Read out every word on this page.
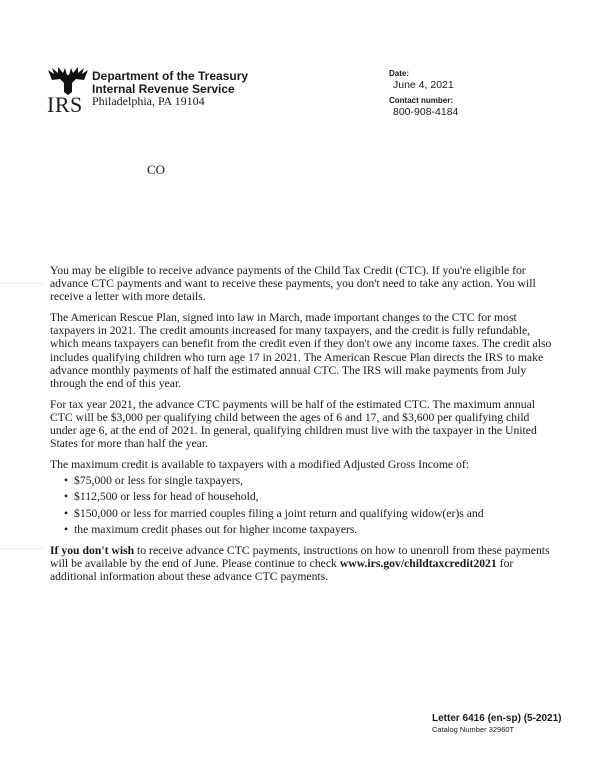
IRS
Department of the Treasury
Internal Revenue Service
Philadelphia, PA 19104
Date:
June 4, 2021
Contact number:
800-908-4184
CO

You may be eligible to receive advance payments of the Child Tax Credit (CTC). If you're eligible for advance CTC payments and want to receive these payments, you don't need to take any action. You will receive a letter with more details.

The American Rescue Plan, signed into law in March, made important changes to the CTC for most taxpayers in 2021. The credit amounts increased for many taxpayers, and the credit is fully refundable, which means taxpayers can benefit from the credit even if they don't owe any income taxes. The credit also includes qualifying children who turn age 17 in 2021. The American Rescue Plan directs the IRS to make advance monthly payments of half the estimated annual CTC. The IRS will make payments from July through the end of this year.

For tax year 2021, the advance CTC payments will be half of the estimated CTC. The maximum annual CTC will be $3,000 per qualifying child between the ages of 6 and 17, and $3,600 per qualifying child under age 6, at the end of 2021. In general, qualifying children must live with the taxpayer in the United States for more than half the year.

The maximum credit is available to taxpayers with a modified Adjusted Gross Income of:

• $75,000 or less for single taxpayers,
• $112,500 or less for head of household,
• $150,000 or less for married couples filing a joint return and qualifying widow(er)s and
• the maximum credit phases out for higher income taxpayers.

If you don't wish to receive advance CTC payments, instructions on how to unenroll from these payments will be available by the end of June. Please continue to check www.irs.gov/childtaxcredit2021 for additional information about these advance CTC payments.

Letter 6416 (en-sp) (5-2021)
Catalog Number 32960T
